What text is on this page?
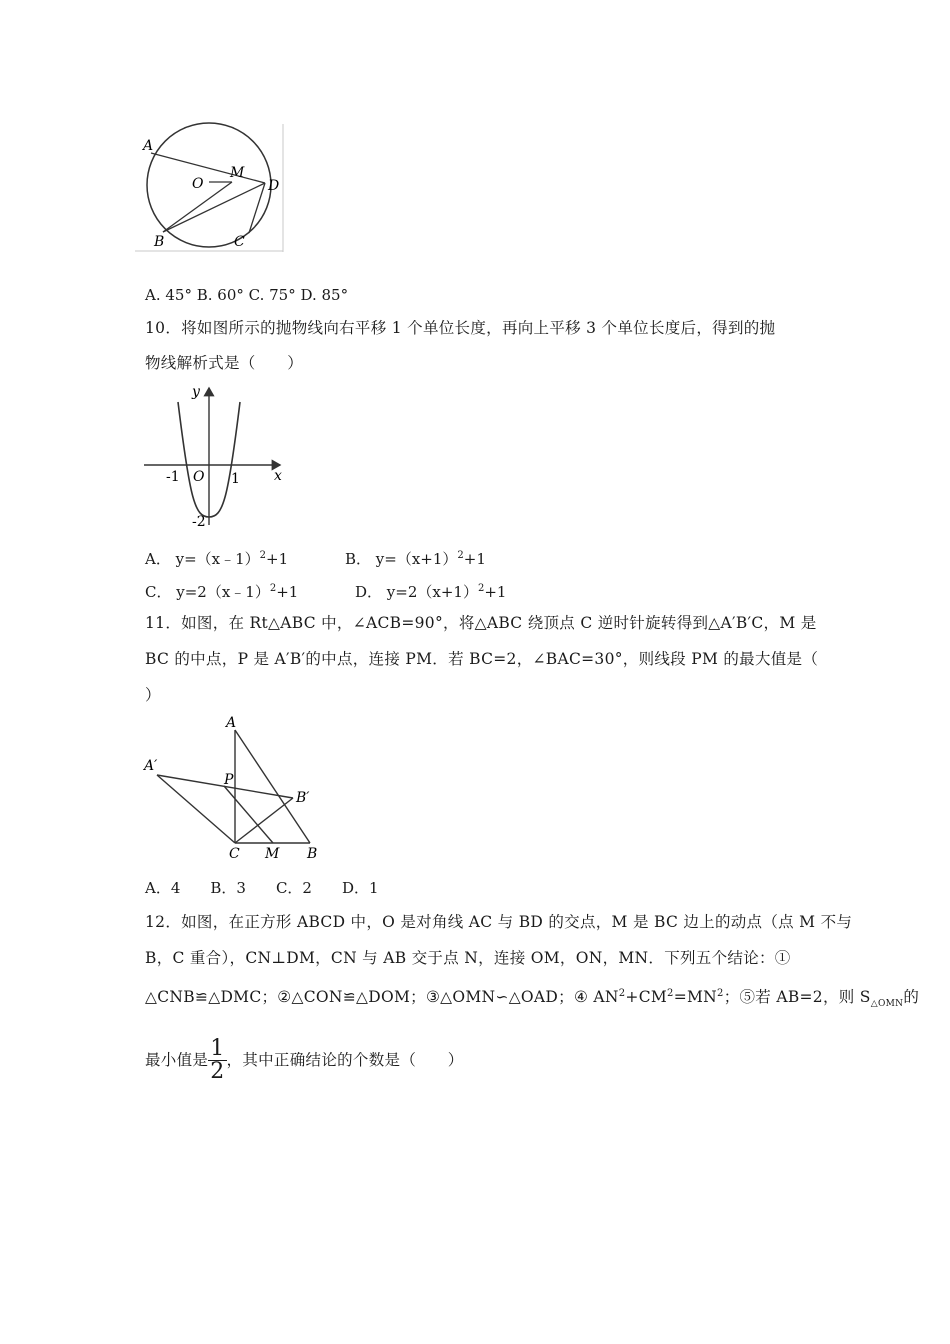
A
O
M
D
B	C
A. 45° B. 60° C. 75° D. 85°
10．将如图所示的抛物线向右平移 1 个单位长度，再向上平移 3 个单位长度后，得到的抛
物线解析式是（　　）
y
x
-1 O 1
-2
A． y=（x﹣1）$^2$+1	B． $y=(x+1)^2+1$
C． y=2（x﹣1）$^2$+1	D． $y=2(x+1)^2+1$
11．如图，在 Rt△ABC 中，∠ACB=90°，将△ABC 绕顶点 C 逆时针旋转得到△A′B′C，M 是
BC 的中点，P 是 A′B′的中点，连接 PM．若 BC=2，∠BAC=30°，则线段 PM 的最大值是（
）
A
A′
P
B′
C M B
A．4　　B．3　　C．2　　D．1
12．如图，在正方形 ABCD 中，O 是对角线 AC 与 BD 的交点，M 是 BC 边上的动点（点 M 不与
B，C 重合），CN⊥DM，CN 与 AB 交于点 N，连接 OM，ON，MN．下列五个结论：①
△CNB≌△DMC；②△CON≌△DOM；③△OMN∽△OAD；④ $AN^2+CM^2=MN^2$；⑤若 AB=2，则 $S_{\triangle OMN}$的
最小值是 $\frac{1}{2}$ ，其中正确结论的个数是（　　）
